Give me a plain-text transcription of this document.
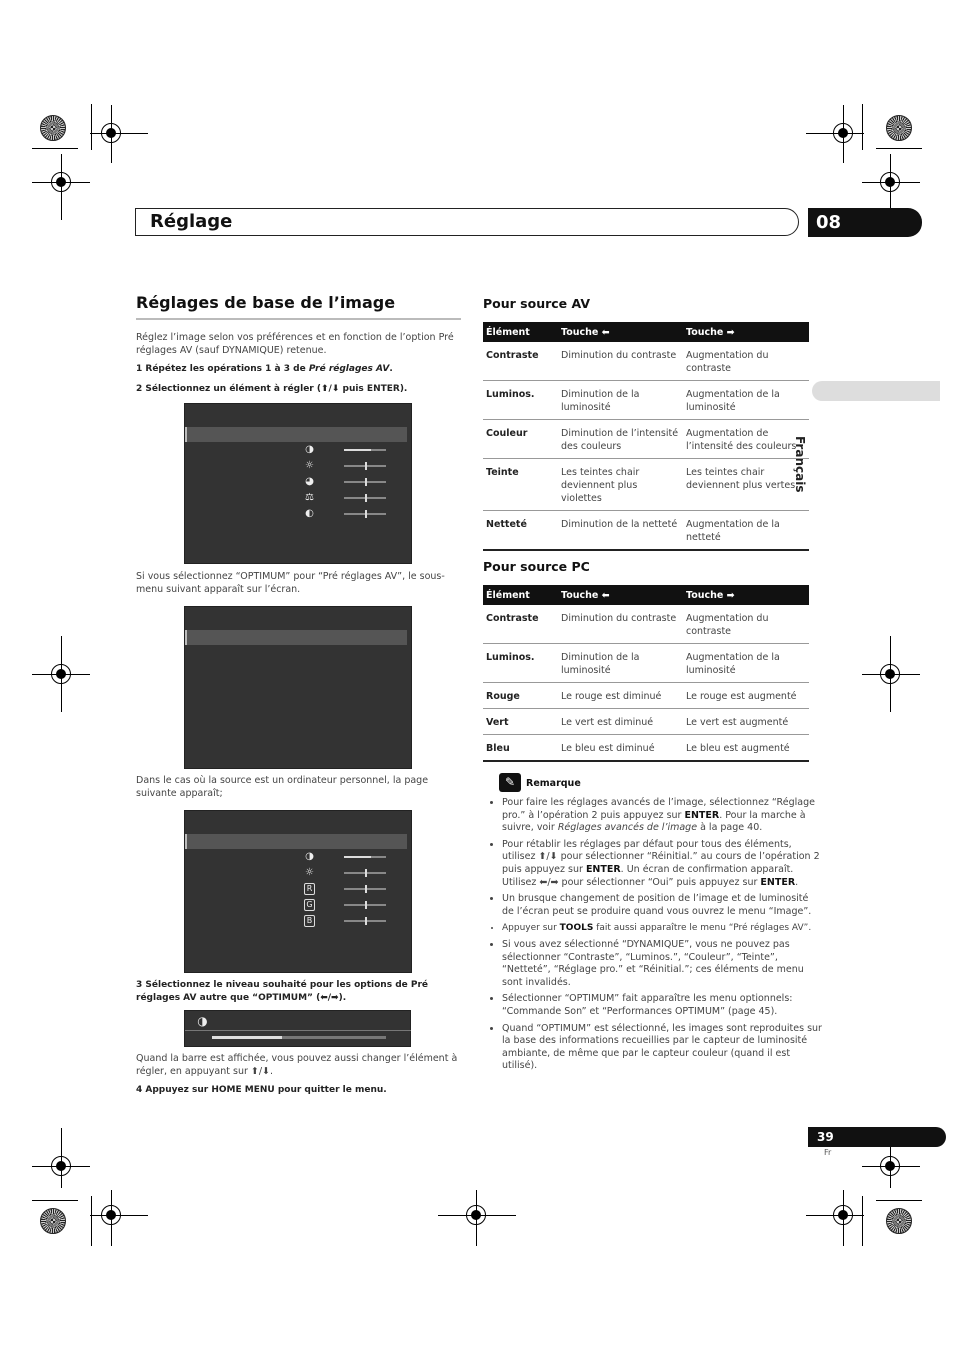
Réglage	08
Français
Réglages de base de l’image
Réglez l’image selon vos préférences et en fonction de l’option Pré réglages AV (sauf DYNAMIQUE) retenue.
1 Répétez les opérations 1 à 3 de Pré réglages AV.
2 Sélectionnez un élément à régler (⬆/⬇ puis ENTER).
◑
☼
◕
⚖
◐
Si vous sélectionnez “OPTIMUM” pour “Pré réglages AV”, le sous-menu suivant apparaît sur l’écran.
Dans le cas où la source est un ordinateur personnel, la page suivante apparaît;
◑
☼
R
G
B
3 Sélectionnez le niveau souhaité pour les options de Pré réglages AV autre que “OPTIMUM” (⬅/➡).
◑
Quand la barre est affichée, vous pouvez aussi changer l’élément à régler, en appuyant sur ⬆/⬇.
4 Appuyez sur HOME MENU pour quitter le menu.
Pour source AV
Élément	Touche ⬅	Touche ➡
Contraste	Diminution du contraste	Augmentation du contraste
Luminos.	Diminution de la luminosité	Augmentation de la luminosité
Couleur	Diminution de l’intensité des couleurs	Augmentation de l’intensité des couleurs
Teinte	Les teintes chair deviennent plus violettes	Les teintes chair deviennent plus vertes
Netteté	Diminution de la netteté	Augmentation de la netteté
Pour source PC
Élément	Touche ⬅	Touche ➡
Contraste	Diminution du contraste	Augmentation du contraste
Luminos.	Diminution de la luminosité	Augmentation de la luminosité
Rouge	Le rouge est diminué	Le rouge est augmenté
Vert	Le vert est diminué	Le vert est augmenté
Bleu	Le bleu est diminué	Le bleu est augmenté
✎	Remarque
• Pour faire les réglages avancés de l’image, sélectionnez “Réglage pro.” à l’opération 2 puis appuyez sur ENTER. Pour la marche à suivre, voir Réglages avancés de l’image à la page 40.
• Pour rétablir les réglages par défaut pour tous des éléments, utilisez ⬆/⬇ pour sélectionner “Réinitial.” au cours de l’opération 2 puis appuyez sur ENTER. Un écran de confirmation apparaît. Utilisez ⬅/➡ pour sélectionner “Oui” puis appuyez sur ENTER.
• Un brusque changement de position de l’image et de luminosité de l’écran peut se produire quand vous ouvrez le menu “Image”.
• Appuyer sur TOOLS fait aussi apparaître le menu “Pré réglages AV”.
• Si vous avez sélectionné “DYNAMIQUE”, vous ne pouvez pas sélectionner “Contraste”, “Luminos.”, “Couleur”, “Teinte”, “Netteté”, “Réglage pro.” et “Réinitial.”; ces éléments de menu sont invalidés.
• Sélectionner “OPTIMUM” fait apparaître les menu optionnels: “Commande Son” et “Performances OPTIMUM” (page 45).
• Quand “OPTIMUM” est sélectionné, les images sont reproduites sur la base des informations recueillies par le capteur de luminosité ambiante, de même que par le capteur couleur (quand il est utilisé).
39
Fr
